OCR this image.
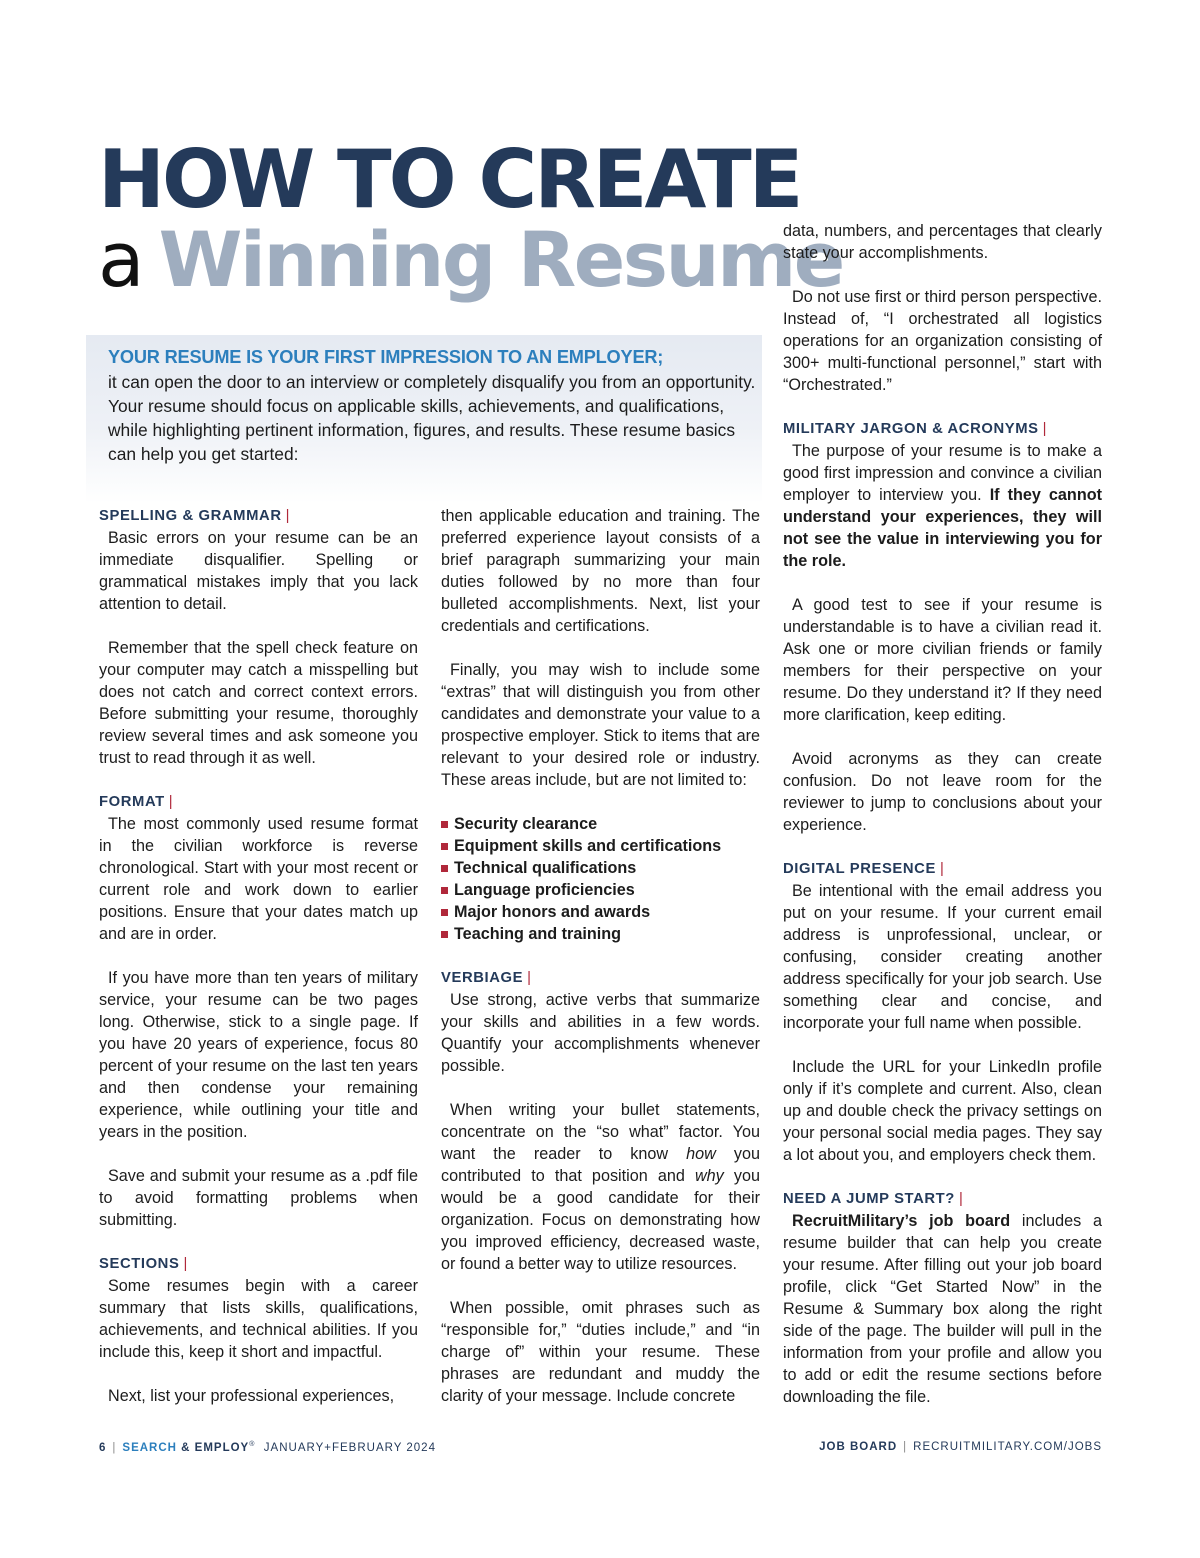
HOW TO CREATE
a Winning Resume

YOUR RESUME IS YOUR FIRST IMPRESSION TO AN EMPLOYER;
it can open the door to an interview or completely disqualify you from an opportunity. Your resume should focus on applicable skills, achievements, and qualifications, while highlighting pertinent information, figures, and results. These resume basics can help you get started:

SPELLING & GRAMMAR |

Basic errors on your resume can be an immediate disqualifier. Spelling or grammatical mistakes imply that you lack attention to detail.

Remember that the spell check feature on your computer may catch a misspelling but does not catch and correct context errors. Before submitting your resume, thoroughly review several times and ask someone you trust to read through it as well.

FORMAT |

The most commonly used resume format in the civilian workforce is reverse chronological. Start with your most recent or current role and work down to earlier positions. Ensure that your dates match up and are in order.

If you have more than ten years of military service, your resume can be two pages long. Otherwise, stick to a single page. If you have 20 years of experience, focus 80 percent of your resume on the last ten years and then condense your remaining experience, while outlining your title and years in the position.

Save and submit your resume as a .pdf file to avoid formatting problems when submitting.

SECTIONS |

Some resumes begin with a career summary that lists skills, qualifications, achievements, and technical abilities. If you include this, keep it short and impactful.

Next, list your professional experiences,

then applicable education and training. The preferred experience layout consists of a brief paragraph summarizing your main duties followed by no more than four bulleted accomplishments. Next, list your credentials and certifications.

Finally, you may wish to include some “extras” that will distinguish you from other candidates and demonstrate your value to a prospective employer. Stick to items that are relevant to your desired role or industry. These areas include, but are not limited to:

Security clearance
Equipment skills and certifications
Technical qualifications
Language proficiencies
Major honors and awards
Teaching and training
VERBIAGE |

Use strong, active verbs that summarize your skills and abilities in a few words. Quantify your accomplishments whenever possible.

When writing your bullet statements, concentrate on the “so what” factor. You want the reader to know how you contributed to that position and why you would be a good candidate for their organization. Focus on demonstrating how you improved efficiency, decreased waste, or found a better way to utilize resources.

When possible, omit phrases such as “responsible for,” “duties include,” and “in charge of” within your resume. These phrases are redundant and muddy the clarity of your message. Include concrete

data, numbers, and percentages that clearly state your accomplishments.

Do not use first or third person perspective. Instead of, “I orchestrated all logistics operations for an organization consisting of 300+ multi-functional personnel,” start with “Orchestrated.”

MILITARY JARGON & ACRONYMS |

The purpose of your resume is to make a good first impression and convince a civilian employer to interview you. If they cannot understand your experiences, they will not see the value in interviewing you for the role.

A good test to see if your resume is understandable is to have a civilian read it. Ask one or more civilian friends or family members for their perspective on your resume. Do they understand it? If they need more clarification, keep editing.

Avoid acronyms as they can create confusion. Do not leave room for the reviewer to jump to conclusions about your experience.

DIGITAL PRESENCE |

Be intentional with the email address you put on your resume. If your current email address is unprofessional, unclear, or confusing, consider creating another address specifically for your job search. Use something clear and concise, and incorporate your full name when possible.

Include the URL for your LinkedIn profile only if it’s complete and current. Also, clean up and double check the privacy settings on your personal social media pages. They say a lot about you, and employers check them.

NEED A JUMP START? |

RecruitMilitary’s job board includes a resume builder that can help you create your resume. After filling out your job board profile, click “Get Started Now” in the Resume & Summary box along the right side of the page. The builder will pull in the information from your profile and allow you to add or edit the resume sections before downloading the file.

6 | SEARCH & EMPLOY® JANUARY+FEBRUARY 2024	JOB BOARD | RECRUITMILITARY.COM/JOBS
